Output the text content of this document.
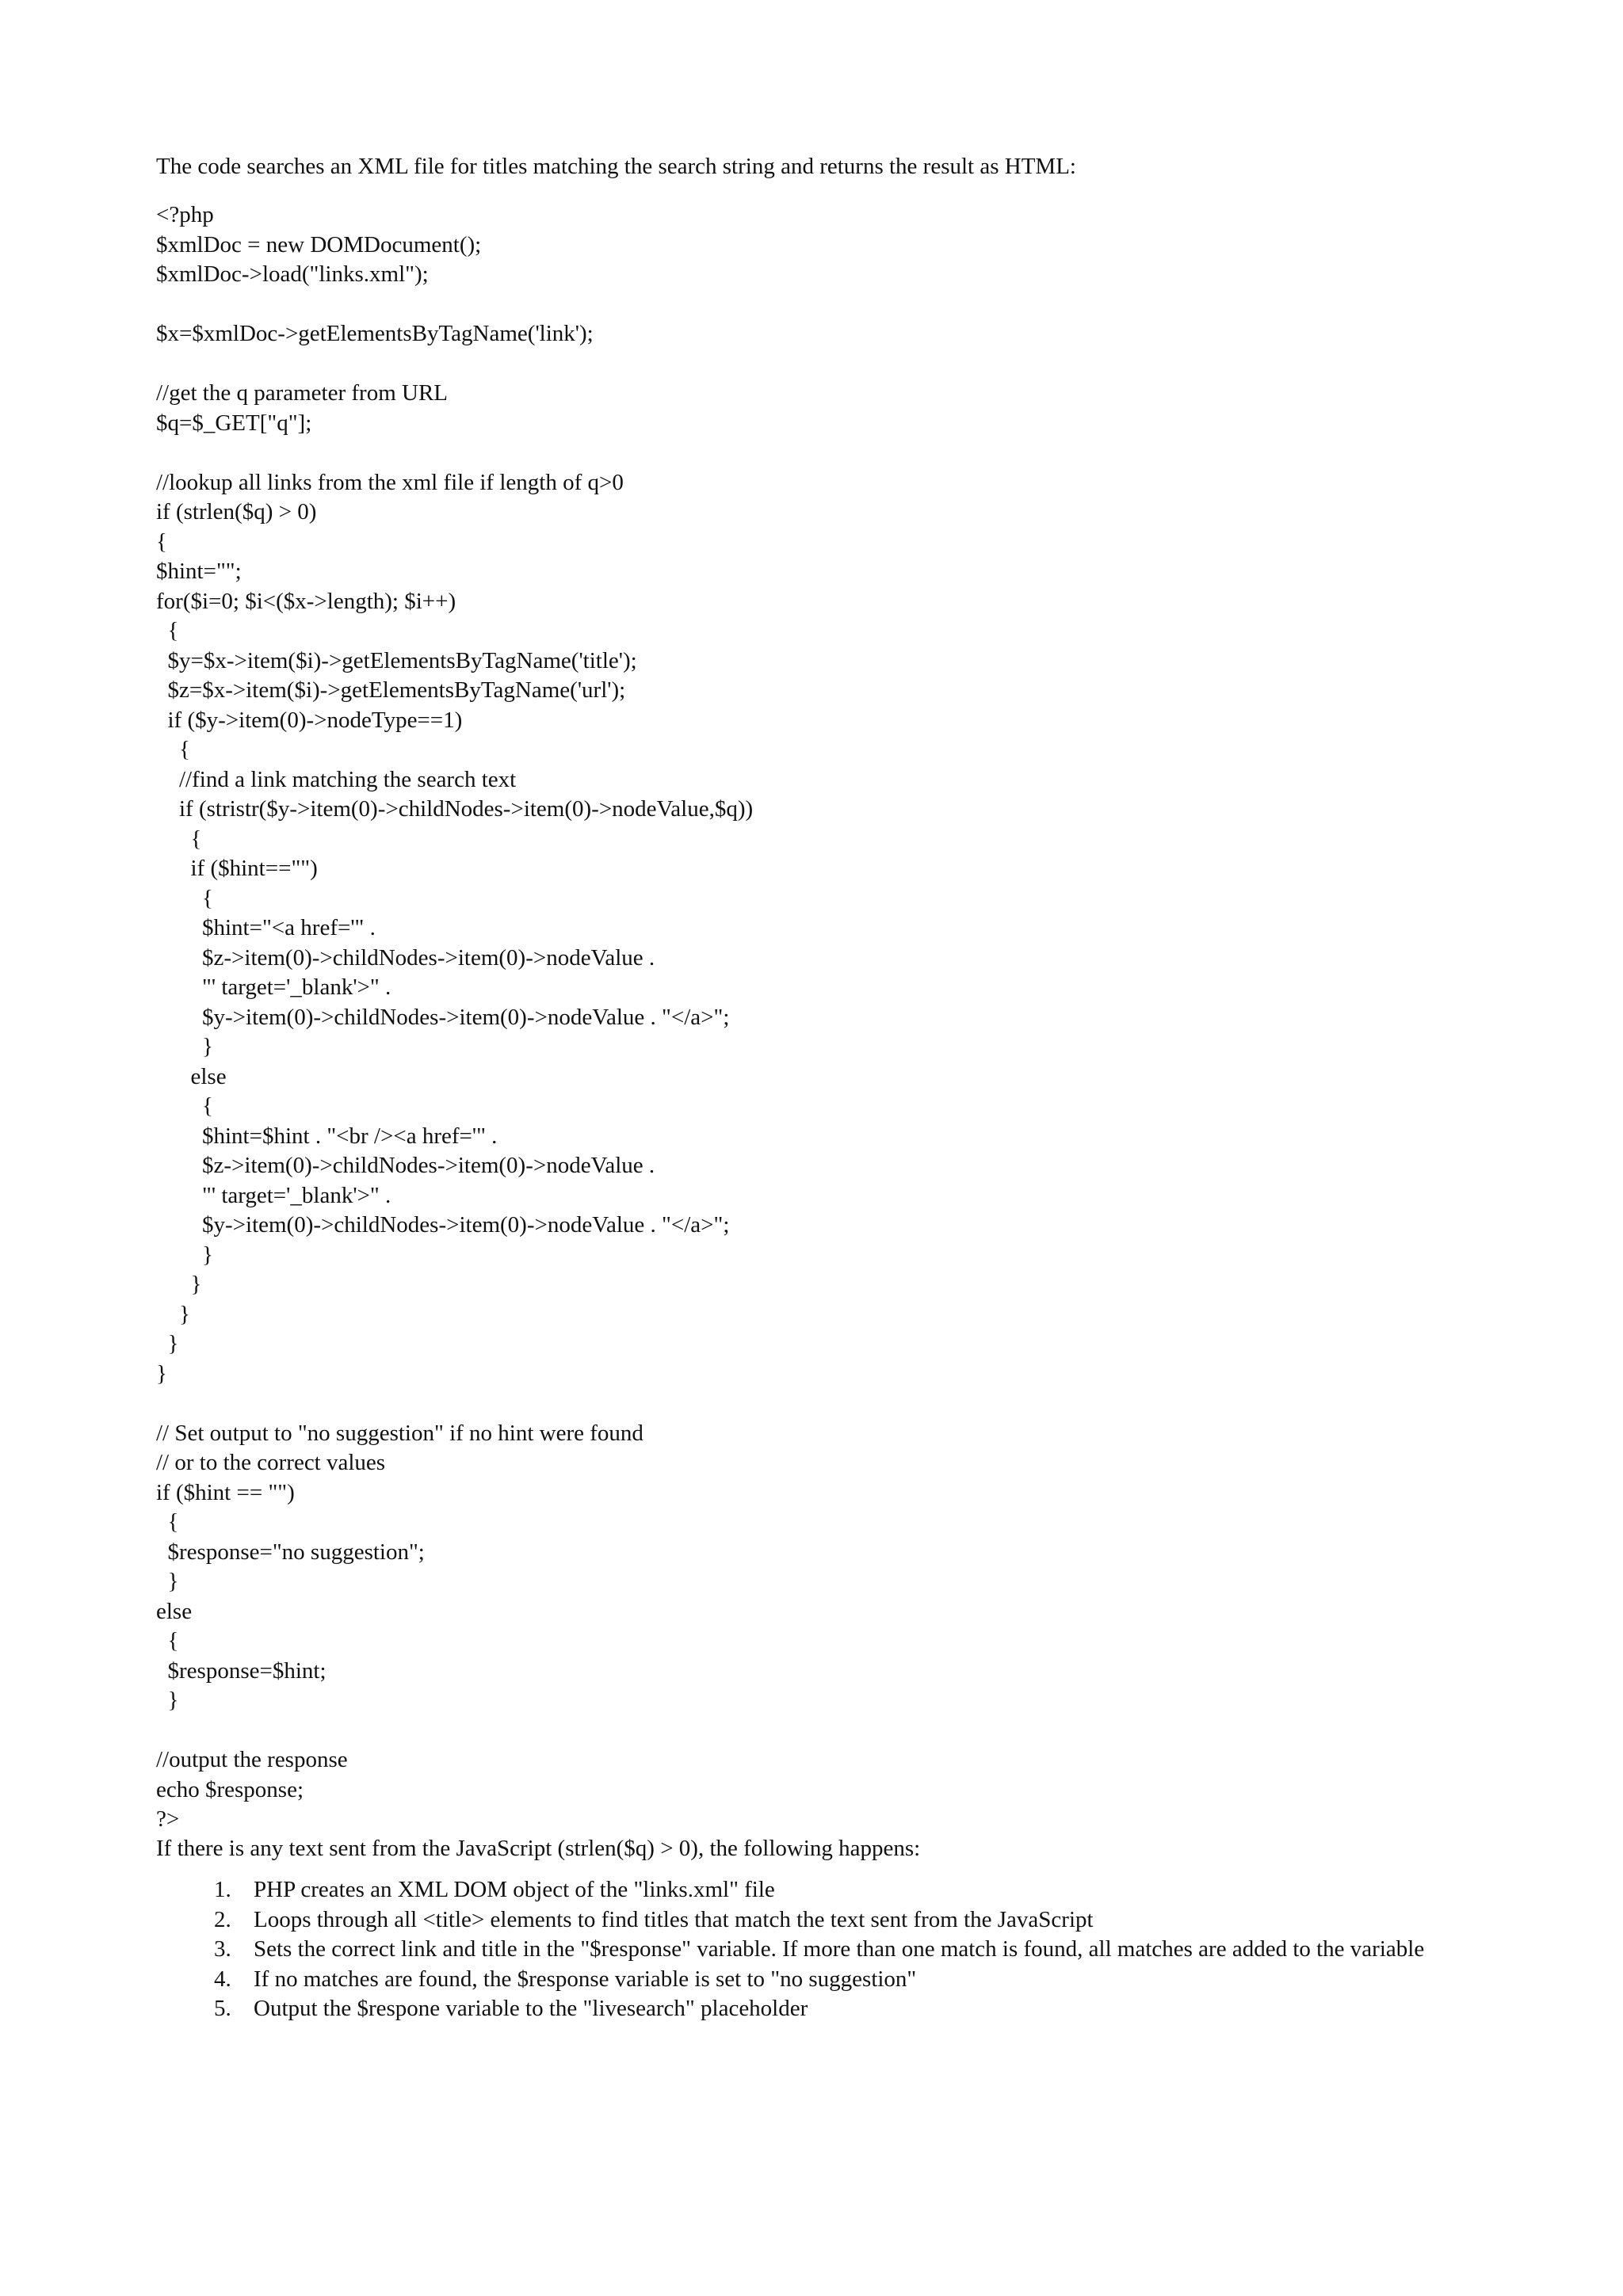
The code searches an XML file for titles matching the search string and returns the result as HTML:

<?php
$xmlDoc = new DOMDocument();
$xmlDoc->load("links.xml");
$x=$xmlDoc->getElementsByTagName('link');
//get the q parameter from URL
$q=$_GET["q"];
//lookup all links from the xml file if length of q>0
if (strlen($q) > 0)
{
$hint="";
for($i=0; $i<($x->length); $i++)
{
$y=$x->item($i)->getElementsByTagName('title');
$z=$x->item($i)->getElementsByTagName('url');
if ($y->item(0)->nodeType==1)
{
//find a link matching the search text
if (stristr($y->item(0)->childNodes->item(0)->nodeValue,$q))
{
if ($hint=="")
{
$hint="<a href='" .
$z->item(0)->childNodes->item(0)->nodeValue .
"' target='_blank'>" .
$y->item(0)->childNodes->item(0)->nodeValue . "</a>";
}
else
{
$hint=$hint . "<br /><a href='" .
$z->item(0)->childNodes->item(0)->nodeValue .
"' target='_blank'>" .
$y->item(0)->childNodes->item(0)->nodeValue . "</a>";
}
}
}
}
}
// Set output to "no suggestion" if no hint were found
// or to the correct values
if ($hint == "")
{
$response="no suggestion";
}
else
{
$response=$hint;
}
//output the response
echo $response;
?>

If there is any text sent from the JavaScript (strlen($q) > 0), the following happens:

1. PHP creates an XML DOM object of the "links.xml" file
2. Loops through all <title> elements to find titles that match the text sent from the JavaScript
3. Sets the correct link and title in the "$response" variable. If more than one match is found, all matches are added to the variable
4. If no matches are found, the $response variable is set to "no suggestion"
5. Output the $respone variable to the "livesearch" placeholder
